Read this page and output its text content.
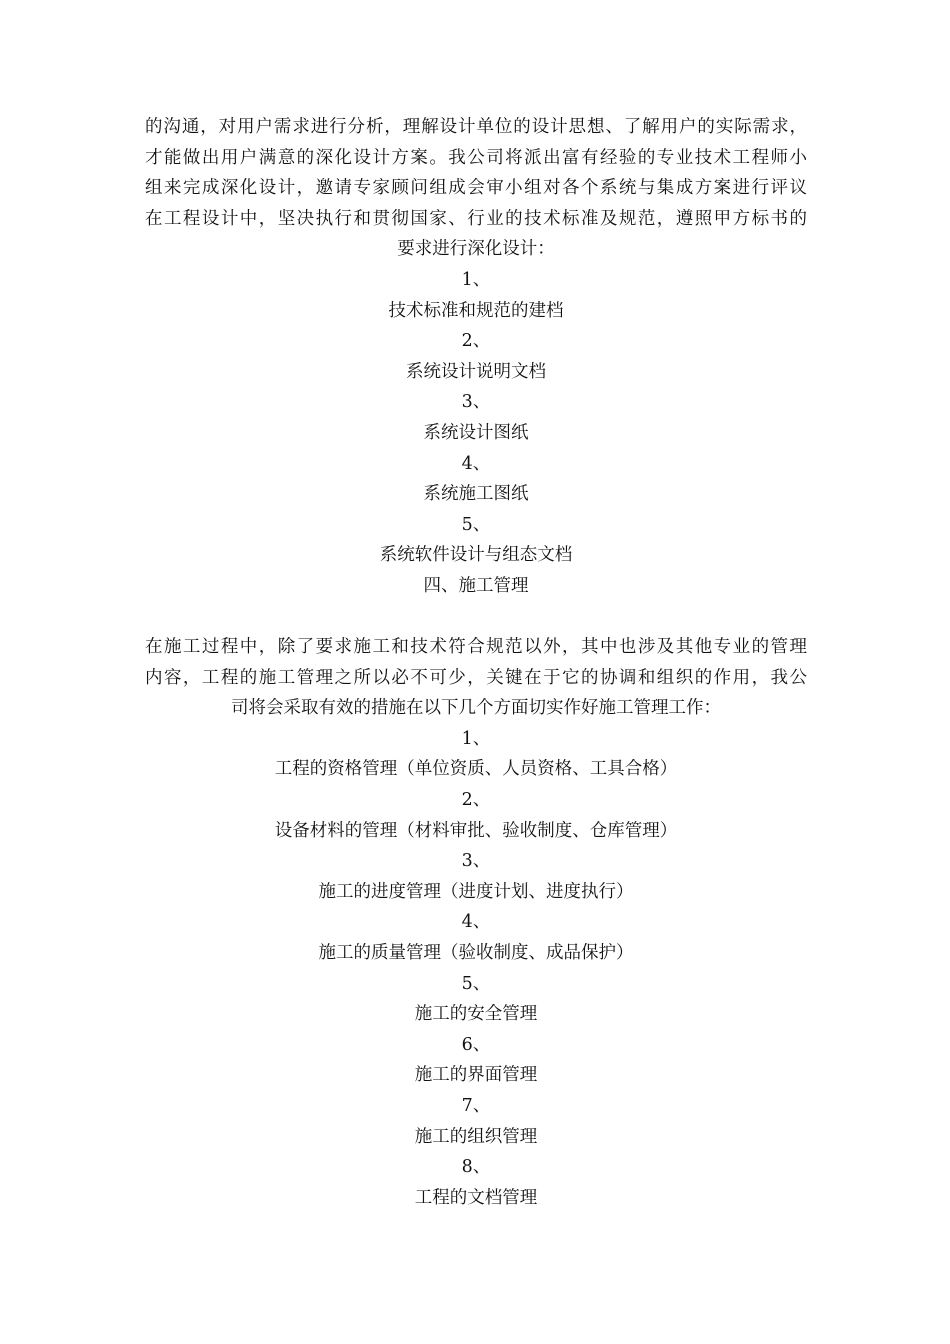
的沟通，对用户需求进行分析，理解设计单位的设计思想、了解用户的实际需求，
才能做出用户满意的深化设计方案。我公司将派出富有经验的专业技术工程师小
组来完成深化设计，邀请专家顾问组成会审小组对各个系统与集成方案进行评议
在工程设计中，坚决执行和贯彻国家、行业的技术标准及规范，遵照甲方标书的
要求进行深化设计：
1、
技术标准和规范的建档
2、
系统设计说明文档
3、
系统设计图纸
4、
系统施工图纸
5、
系统软件设计与组态文档
四、施工管理
在施工过程中，除了要求施工和技术符合规范以外，其中也涉及其他专业的管理
内容，工程的施工管理之所以必不可少，关键在于它的协调和组织的作用，我公
司将会采取有效的措施在以下几个方面切实作好施工管理工作：
1、
工程的资格管理（单位资质、人员资格、工具合格）
2、
设备材料的管理（材料审批、验收制度、仓库管理）
3、
施工的进度管理（进度计划、进度执行）
4、
施工的质量管理（验收制度、成品保护）
5、
施工的安全管理
6、
施工的界面管理
7、
施工的组织管理
8、
工程的文档管理
